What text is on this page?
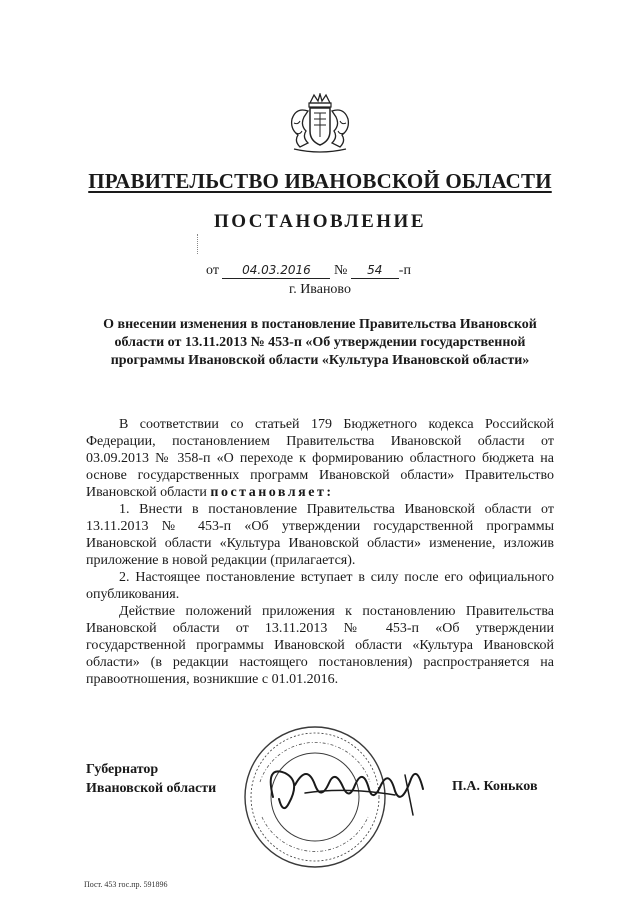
ПРАВИТЕЛЬСТВО ИВАНОВСКОЙ ОБЛАСТИ
ПОСТАНОВЛЕНИЕ
от 04.03.2016 № 54 -п
г. Иваново
О внесении изменения в постановление Правительства Ивановской области от 13.11.2013 № 453-п «Об утверждении государственной программы Ивановской области «Культура Ивановской области»

В соответствии со статьей 179 Бюджетного кодекса Российской Федерации, постановлением Правительства Ивановской области от 03.09.2013 № 358-п «О переходе к формированию областного бюджета на основе государственных программ Ивановской области» Правительство Ивановской области постановляет:

1. Внести в постановление Правительства Ивановской области от 13.11.2013 № 453-п «Об утверждении государственной программы Ивановской области «Культура Ивановской области» изменение, изложив приложение в новой редакции (прилагается).

2. Настоящее постановление вступает в силу после его официального опубликования.

Действие положений приложения к постановлению Правительства Ивановской области от 13.11.2013 № 453-п «Об утверждении государственной программы Ивановской области «Культура Ивановской области» (в редакции настоящего постановления) распространяется на правоотношения, возникшие с 01.01.2016.

Губернатор
Ивановской области	П.А. Коньков
Пост. 453 гос.пр. 591896
